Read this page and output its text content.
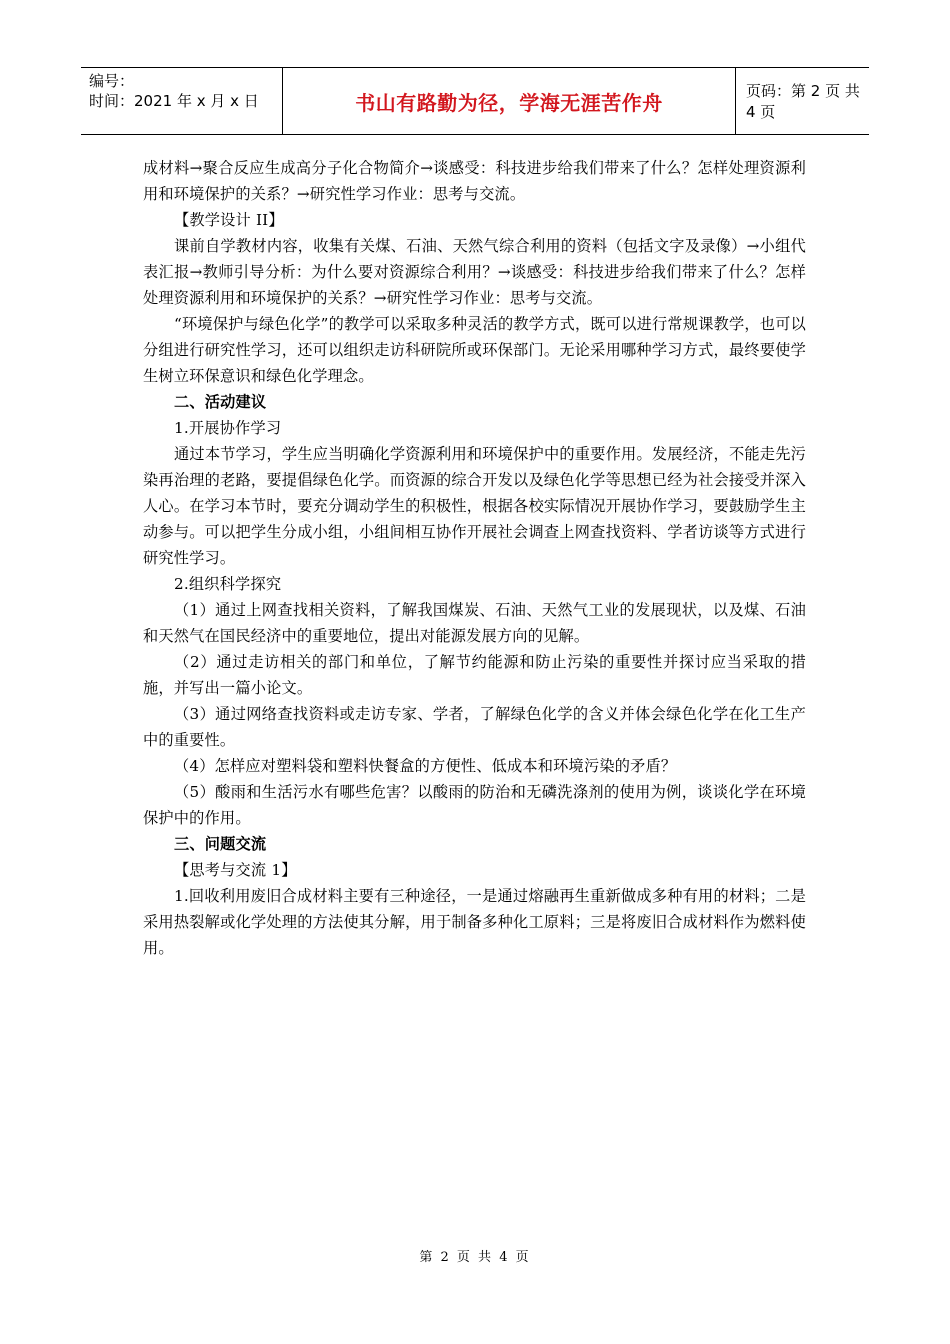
编号：
时间：2021 年 x 月 x 日	书山有路勤为径，学海无涯苦作舟	页码：第 2 页 共 4 页

成材料→聚合反应生成高分子化合物简介→谈感受：科技进步给我们带来了什么？怎样处理资源利用和环境保护的关系？→研究性学习作业：思考与交流。

【教学设计 II】

课前自学教材内容，收集有关煤、石油、天然气综合利用的资料（包括文字及录像）→小组代表汇报→教师引导分析：为什么要对资源综合利用？→谈感受：科技进步给我们带来了什么？怎样处理资源利用和环境保护的关系？→研究性学习作业：思考与交流。

“环境保护与绿色化学”的教学可以采取多种灵活的教学方式，既可以进行常规课教学，也可以分组进行研究性学习，还可以组织走访科研院所或环保部门。无论采用哪种学习方式，最终要使学生树立环保意识和绿色化学理念。

二、活动建议

1.开展协作学习

通过本节学习，学生应当明确化学资源利用和环境保护中的重要作用。发展经济，不能走先污染再治理的老路，要提倡绿色化学。而资源的综合开发以及绿色化学等思想已经为社会接受并深入人心。在学习本节时，要充分调动学生的积极性，根据各校实际情况开展协作学习，要鼓励学生主动参与。可以把学生分成小组，小组间相互协作开展社会调查上网查找资料、学者访谈等方式进行研究性学习。

2.组织科学探究

（1）通过上网查找相关资料，了解我国煤炭、石油、天然气工业的发展现状，以及煤、石油和天然气在国民经济中的重要地位，提出对能源发展方向的见解。

（2）通过走访相关的部门和单位，了解节约能源和防止污染的重要性并探讨应当采取的措施，并写出一篇小论文。

（3）通过网络查找资料或走访专家、学者，了解绿色化学的含义并体会绿色化学在化工生产中的重要性。

（4）怎样应对塑料袋和塑料快餐盒的方便性、低成本和环境污染的矛盾？

（5）酸雨和生活污水有哪些危害？以酸雨的防治和无磷洗涤剂的使用为例，谈谈化学在环境保护中的作用。

三、问题交流

【思考与交流 1】

1.回收利用废旧合成材料主要有三种途径，一是通过熔融再生重新做成多种有用的材料；二是采用热裂解或化学处理的方法使其分解，用于制备多种化工原料；三是将废旧合成材料作为燃料使用。

第 2 页 共 4 页
